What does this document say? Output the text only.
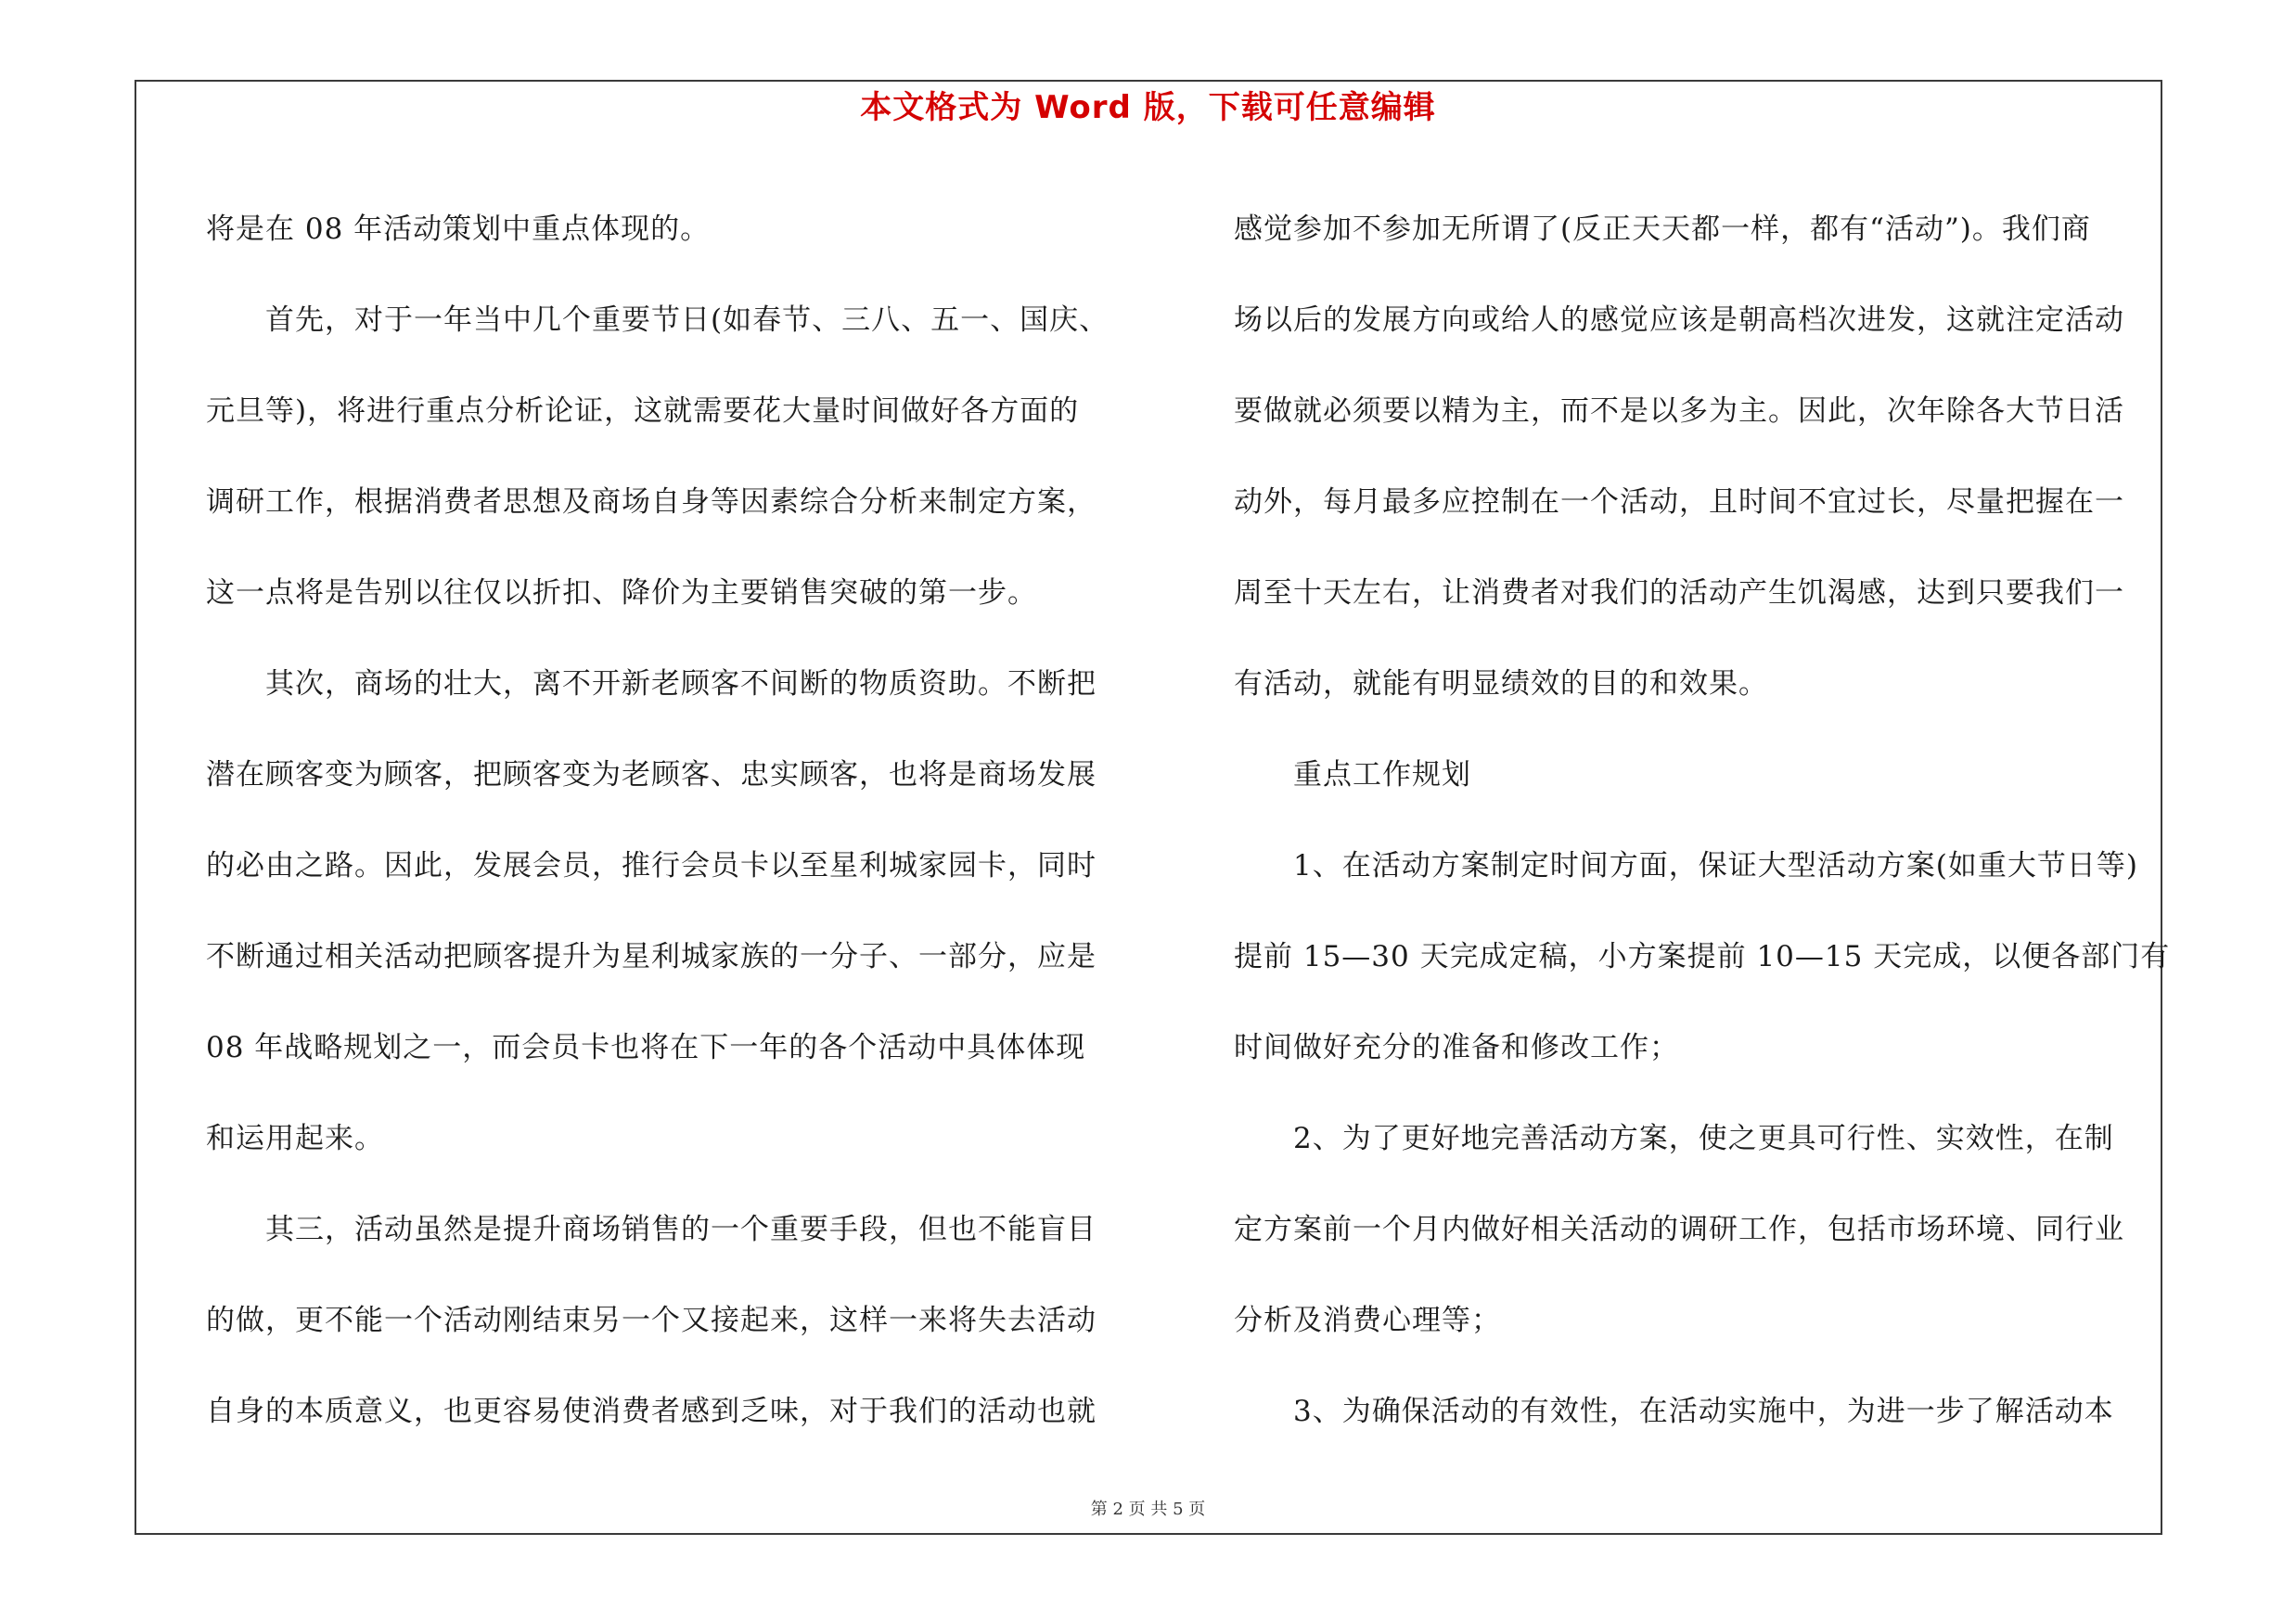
本文格式为 Word 版，下载可任意编辑
将是在 08 年活动策划中重点体现的。
首先，对于一年当中几个重要节日(如春节、三八、五一、国庆、
元旦等)，将进行重点分析论证，这就需要花大量时间做好各方面的
调研工作，根据消费者思想及商场自身等因素综合分析来制定方案，
这一点将是告别以往仅以折扣、降价为主要销售突破的第一步。
其次，商场的壮大，离不开新老顾客不间断的物质资助。不断把
潜在顾客变为顾客，把顾客变为老顾客、忠实顾客，也将是商场发展
的必由之路。因此，发展会员，推行会员卡以至星利城家园卡，同时
不断通过相关活动把顾客提升为星利城家族的一分子、一部分，应是
08 年战略规划之一，而会员卡也将在下一年的各个活动中具体体现
和运用起来。
其三，活动虽然是提升商场销售的一个重要手段，但也不能盲目
的做，更不能一个活动刚结束另一个又接起来，这样一来将失去活动
自身的本质意义，也更容易使消费者感到乏味，对于我们的活动也就
感觉参加不参加无所谓了(反正天天都一样，都有“活动”)。我们商
场以后的发展方向或给人的感觉应该是朝高档次进发，这就注定活动
要做就必须要以精为主，而不是以多为主。因此，次年除各大节日活
动外，每月最多应控制在一个活动，且时间不宜过长，尽量把握在一
周至十天左右，让消费者对我们的活动产生饥渴感，达到只要我们一
有活动，就能有明显绩效的目的和效果。
重点工作规划
1、在活动方案制定时间方面，保证大型活动方案(如重大节日等)
提前 15—30 天完成定稿，小方案提前 10—15 天完成，以便各部门有
时间做好充分的准备和修改工作；
2、为了更好地完善活动方案，使之更具可行性、实效性，在制
定方案前一个月内做好相关活动的调研工作，包括市场环境、同行业
分析及消费心理等；
3、为确保活动的有效性，在活动实施中，为进一步了解活动本
第 2 页 共 5 页
